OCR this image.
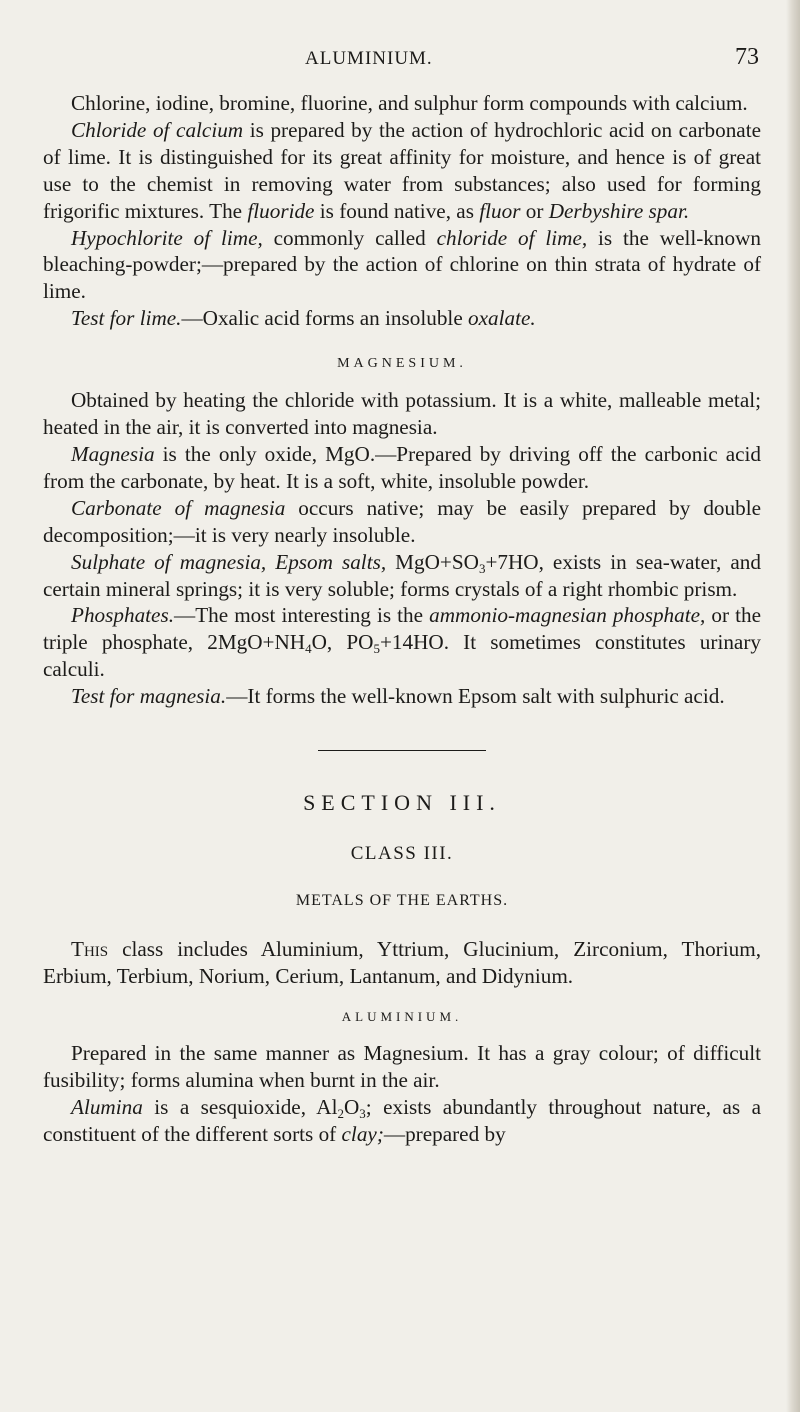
ALUMINIUM.	73

Chlorine, iodine, bromine, fluorine, and sulphur form compounds with calcium.

Chloride of calcium is prepared by the action of hydrochloric acid on carbonate of lime. It is distinguished for its great affinity for moisture, and hence is of great use to the chemist in removing water from substances; also used for forming frigorific mixtures. The fluoride is found native, as fluor or Derbyshire spar.

Hypochlorite of lime, commonly called chloride of lime, is the well-known bleaching-powder;—prepared by the action of chlorine on thin strata of hydrate of lime.

Test for lime.—Oxalic acid forms an insoluble oxalate.

MAGNESIUM.

Obtained by heating the chloride with potassium. It is a white, malleable metal; heated in the air, it is converted into magnesia.

Magnesia is the only oxide, MgO.—Prepared by driving off the carbonic acid from the carbonate, by heat. It is a soft, white, insoluble powder.

Carbonate of magnesia occurs native; may be easily prepared by double decomposition;—it is very nearly insoluble.

Sulphate of magnesia, Epsom salts, $MgO+SO_3+7HO$, exists in sea-water, and certain mineral springs; it is very soluble; forms crystals of a right rhombic prism.

Phosphates.—The most interesting is the ammonio-magnesian phosphate, or the triple phosphate, $2MgO+NH_4O$, $PO_5+14HO$. It sometimes constitutes urinary calculi.

Test for magnesia.—It forms the well-known Epsom salt with sulphuric acid.

SECTION III.
CLASS III.
METALS OF THE EARTHS.

This class includes Aluminium, Yttrium, Glucinium, Zirconium, Thorium, Erbium, Terbium, Norium, Cerium, Lantanum, and Didynium.

ALUMINIUM.

Prepared in the same manner as Magnesium. It has a gray colour; of difficult fusibility; forms alumina when burnt in the air.

Alumina is a sesquioxide, $Al_2O_3$; exists abundantly throughout nature, as a constituent of the different sorts of clay;—prepared by
